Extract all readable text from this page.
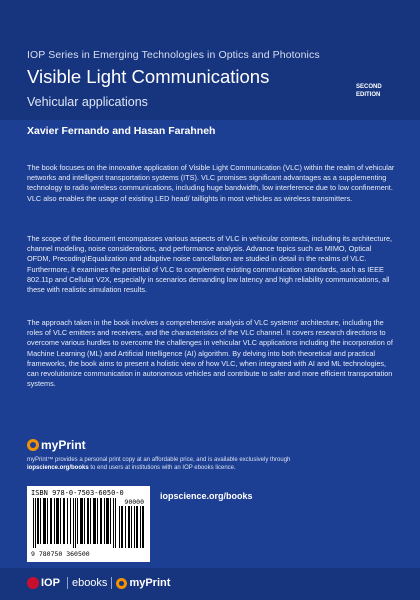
IOP Series in Emerging Technologies in Optics and Photonics
Visible Light Communications
Vehicular applications
SECOND EDITION
Xavier Fernando and Hasan Farahneh

The book focuses on the innovative application of Visible Light Communication (VLC) within the realm of vehicular networks and intelligent transportation systems (ITS). VLC promises significant advantages as a supplementing technology to radio wireless communications, including huge bandwidth, low interference due to low confinement. VLC also enables the usage of existing LED head/ taillights in most vehicles as wireless transmitters.

The scope of the document encompasses various aspects of VLC in vehicular contexts, including its architecture, channel modeling, noise considerations, and performance analysis. Advance topics such as MIMO, Optical OFDM, Precoding\Equalization and adaptive noise cancellation are studied in detail in the realms of VLC. Furthermore, it examines the potential of VLC to complement existing communication standards, such as IEEE 802.11p and Cellular V2X, especially in scenarios demanding low latency and high reliability communications, all these with realistic simulation results.

The approach taken in the book involves a comprehensive analysis of VLC systems' architecture, including the roles of VLC emitters and receivers, and the characteristics of the VLC channel. It covers research directions to overcome various hurdles to overcome the challenges in vehicular VLC applications including the incorporation of Machine Learning (ML) and Artificial Intelligence (AI) algorithm. By delving into both theoretical and practical frameworks, the book aims to present a holistic view of how VLC, when integrated with AI and ML technologies, can revolutionize communication in autonomous vehicles and contribute to safer and more efficient transportation systems.

myPrint
myPrint™ provides a personal print copy at an affordable price, and is available exclusively through
iopscience.org/books to end users at institutions with an IOP ebooks licence.
ISBN 978-0-7503-6050-0
90000
9 780750 360500
iopscience.org/books
IOP ebooks myPrint
